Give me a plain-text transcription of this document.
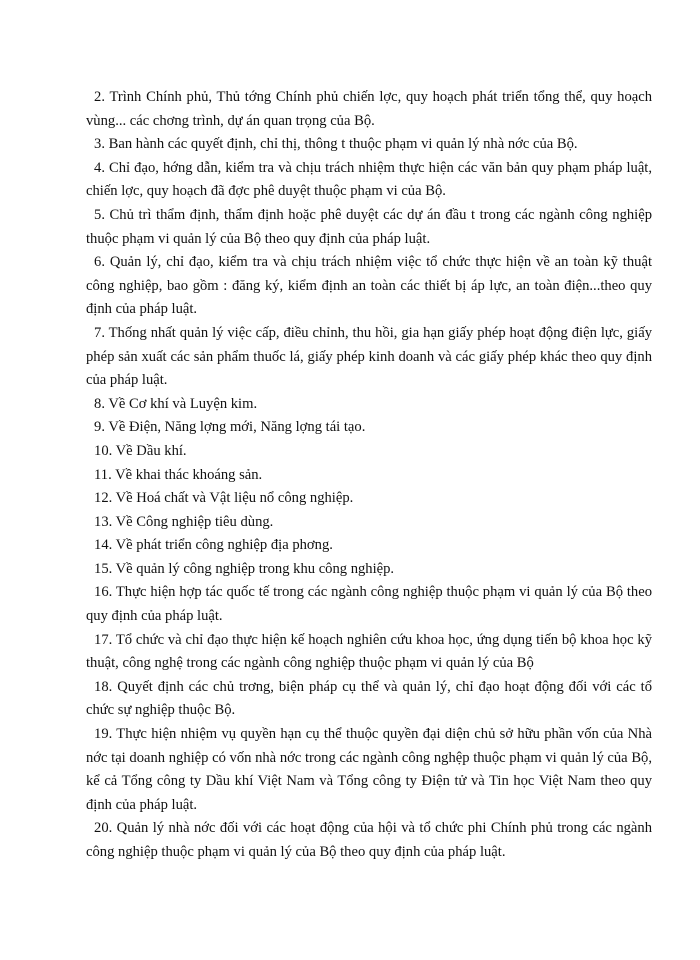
2. Trình Chính phủ, Thủ tớng Chính phủ chiến lợc, quy hoạch phát triển tổng thể, quy hoạch vùng... các chơng trình, dự án quan trọng của Bộ.

3. Ban hành các quyết định, chỉ thị, thông t thuộc phạm vi quản lý nhà nớc của Bộ.

4. Chỉ đạo, hớng dẫn, kiểm tra và chịu trách nhiệm thực hiện các văn bản quy phạm pháp luật, chiến lợc, quy hoạch đã đợc phê duyệt thuộc phạm vi của Bộ.

5. Chủ trì thẩm định, thẩm định hoặc phê duyệt các dự án đầu t trong các ngành công nghiệp thuộc phạm vi quản lý của Bộ theo quy định của pháp luật.

6. Quản lý, chỉ đạo, kiểm tra và chịu trách nhiệm việc tổ chức thực hiện về an toàn kỹ thuật công nghiệp, bao gồm : đăng ký, kiểm định an toàn các thiết bị áp lực, an toàn điện...theo quy định của pháp luật.

7. Thống nhất quản lý việc cấp, điều chỉnh, thu hồi, gia hạn giấy phép hoạt động điện lực, giấy phép sản xuất các sản phẩm thuốc lá, giấy phép kinh doanh và các giấy phép khác theo quy định của pháp luật.

8. Về Cơ khí và Luyện kim.

9. Về Điện, Năng lợng mới, Năng lợng tái tạo.

10. Về Dầu khí.

11. Về khai thác khoáng sản.

12. Về Hoá chất và Vật liệu nổ công nghiệp.

13. Về Công nghiệp tiêu dùng.

14. Về phát triển công nghiệp địa phơng.

15. Về quản lý công nghiệp trong khu công nghiệp.

16. Thực hiện hợp tác quốc tế trong các ngành công nghiệp thuộc phạm vi quản lý của Bộ theo quy định của pháp luật.

17. Tổ chức và chỉ đạo thực hiện kế hoạch nghiên cứu khoa học, ứng dụng tiến bộ khoa học kỹ thuật, công nghệ trong các ngành công nghiệp thuộc phạm vi quản lý của Bộ

18. Quyết định các chủ trơng, biện pháp cụ thể và quản lý, chỉ đạo hoạt động đối với các tổ chức sự nghiệp thuộc Bộ.

19. Thực hiện nhiệm vụ quyền hạn cụ thể thuộc quyền đại diện chủ sở hữu phần vốn của Nhà nớc tại doanh nghiệp có vốn nhà nớc trong các ngành công nghệp thuộc phạm vi quản lý của Bộ, kể cả Tổng công ty Dầu khí Việt Nam và Tổng công ty Điện tử và Tin học Việt Nam theo quy định của pháp luật.

20. Quản lý nhà nớc đối với các hoạt động của hội và tổ chức phi Chính phủ trong các ngành công nghiệp thuộc phạm vi quản lý của Bộ theo quy định của pháp luật.
